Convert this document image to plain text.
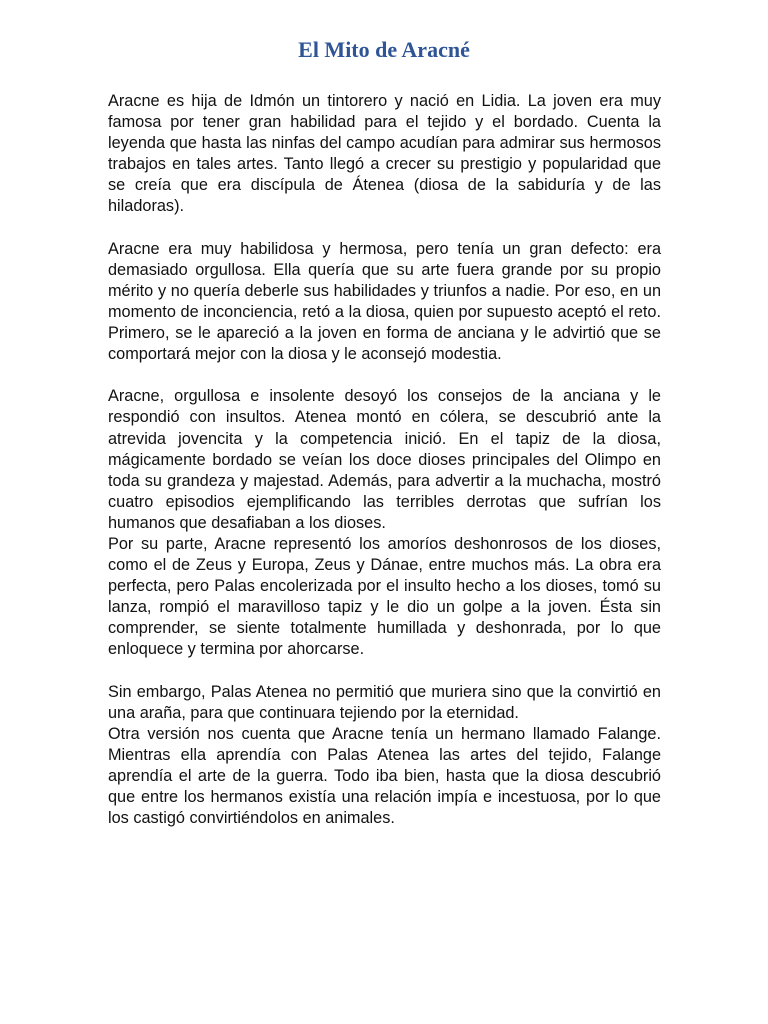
El Mito de Aracné

Aracne es hija de Idmón un tintorero y nació en Lidia. La joven era muy famosa por tener gran habilidad para el tejido y el bordado. Cuenta la leyenda que hasta las ninfas del campo acudían para admirar sus hermosos trabajos en tales artes. Tanto llegó a crecer su prestigio y popularidad que se creía que era discípula de Átenea (diosa de la sabiduría y de las hiladoras).

Aracne era muy habilidosa y hermosa, pero tenía un gran defecto: era demasiado orgullosa. Ella quería que su arte fuera grande por su propio mérito y no quería deberle sus habilidades y triunfos a nadie. Por eso, en un momento de inconciencia, retó a la diosa, quien por supuesto aceptó el reto. Primero, se le apareció a la joven en forma de anciana y le advirtió que se comportará mejor con la diosa y le aconsejó modestia.

Aracne, orgullosa e insolente desoyó los consejos de la anciana y le respondió con insultos. Atenea montó en cólera, se descubrió ante la atrevida jovencita y la competencia inició. En el tapiz de la diosa, mágicamente bordado se veían los doce dioses principales del Olimpo en toda su grandeza y majestad. Además, para advertir a la muchacha, mostró cuatro episodios ejemplificando las terribles derrotas que sufrían los humanos que desafiaban a los dioses.

Por su parte, Aracne representó los amoríos deshonrosos de los dioses, como el de Zeus y Europa, Zeus y Dánae, entre muchos más. La obra era perfecta, pero Palas encolerizada por el insulto hecho a los dioses, tomó su lanza, rompió el maravilloso tapiz y le dio un golpe a la joven. Ésta sin comprender, se siente totalmente humillada y deshonrada, por lo que enloquece y termina por ahorcarse.

Sin embargo, Palas Atenea no permitió que muriera sino que la convirtió en una araña, para que continuara tejiendo por la eternidad.

Otra versión nos cuenta que Aracne tenía un hermano llamado Falange. Mientras ella aprendía con Palas Atenea las artes del tejido, Falange aprendía el arte de la guerra. Todo iba bien, hasta que la diosa descubrió que entre los hermanos existía una relación impía e incestuosa, por lo que los castigó convirtiéndolos en animales.
